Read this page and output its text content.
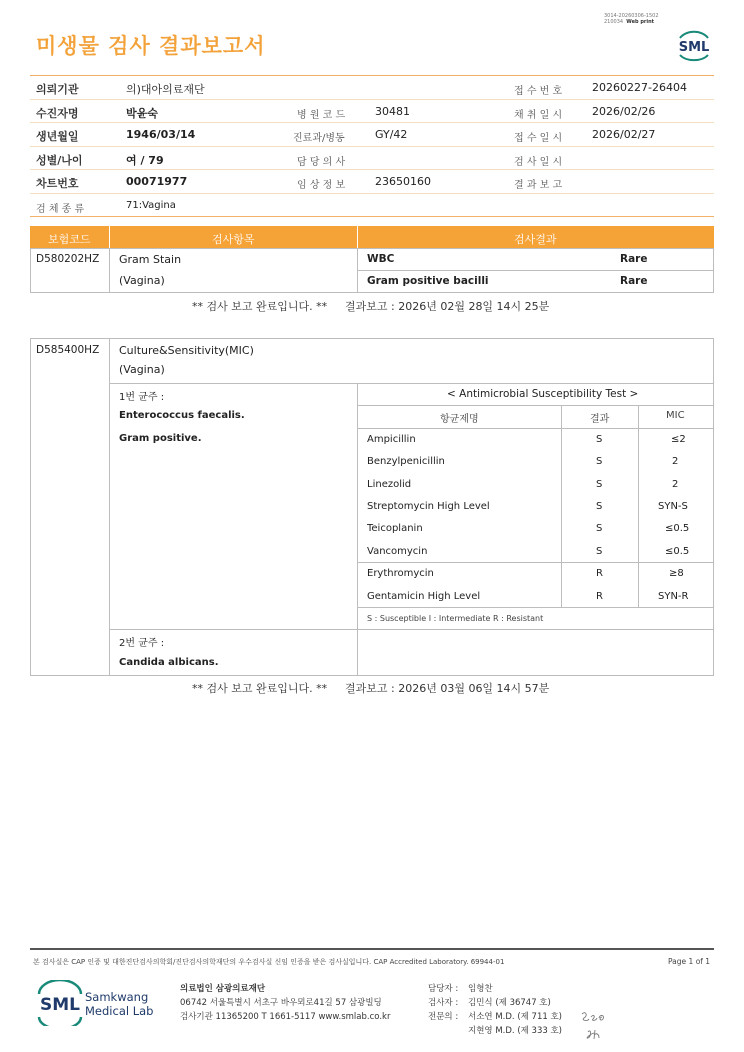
미생물 검사 결과보고서
3014-20260306-1502
210034 Web print
SML
의뢰기관	의)대아의료재단	접 수 번 호	20260227-26404
수진자명	박윤숙	병 원 코 드	30481	채 취 일 시	2026/02/26
생년월일	1946/03/14	진료과/병동	GY/42	접 수 일 시	2026/02/27
성별/나이	여 / 79	담 당 의 사	검 사 일 시
차트번호	00071977	임 상 정 보	23650160	결 과 보 고
검 체 종 류	71:Vagina
보험코드	검사항목	검사결과
D580202HZ Gram Stain
(Vagina)
WBC	Rare
Gram positive bacilli	Rare
** 검사 보고 완료입니다. ** 결과보고 : 2026년 02월 28일 14시 25분
D585400HZ Culture&Sensitivity(MIC)
(Vagina)
1번 균주 :
Enterococcus faecalis.
Gram positive.
< Antimicrobial Susceptibility Test >
항균제명	결과	MIC
Ampicillin	S	≤2
Benzylpenicillin	S	2
Linezolid	S	2
Streptomycin High Level	S	SYN-S
Teicoplanin	S	≤0.5
Vancomycin	S	≤0.5
Erythromycin	R	≥8
Gentamicin High Level	R	SYN-R
S : Susceptible I : Intermediate R : Resistant
2번 균주 :
Candida albicans.
** 검사 보고 완료입니다. ** 결과보고 : 2026년 03월 06일 14시 57분
본 검사실은 CAP 인증 및 대한진단검사의학회/진단검사의학재단의 우수검사실 신임 인증을 받은 검사실입니다. CAP Accredited Laboratory. 69944-01	Page 1 of 1
SML Samkwang
Medical Lab
의료법인 삼광의료재단
06742 서울특별시 서초구 바우뫼로41길 57 삼광빌딩
검사기관 11365200 T 1661-5117 www.smlab.co.kr
담당자 : 임형찬
검사자 : 김민식 (제 36747 호)
전문의 : 서소연 M.D. (제 711 호)
지현영 M.D. (제 333 호)
